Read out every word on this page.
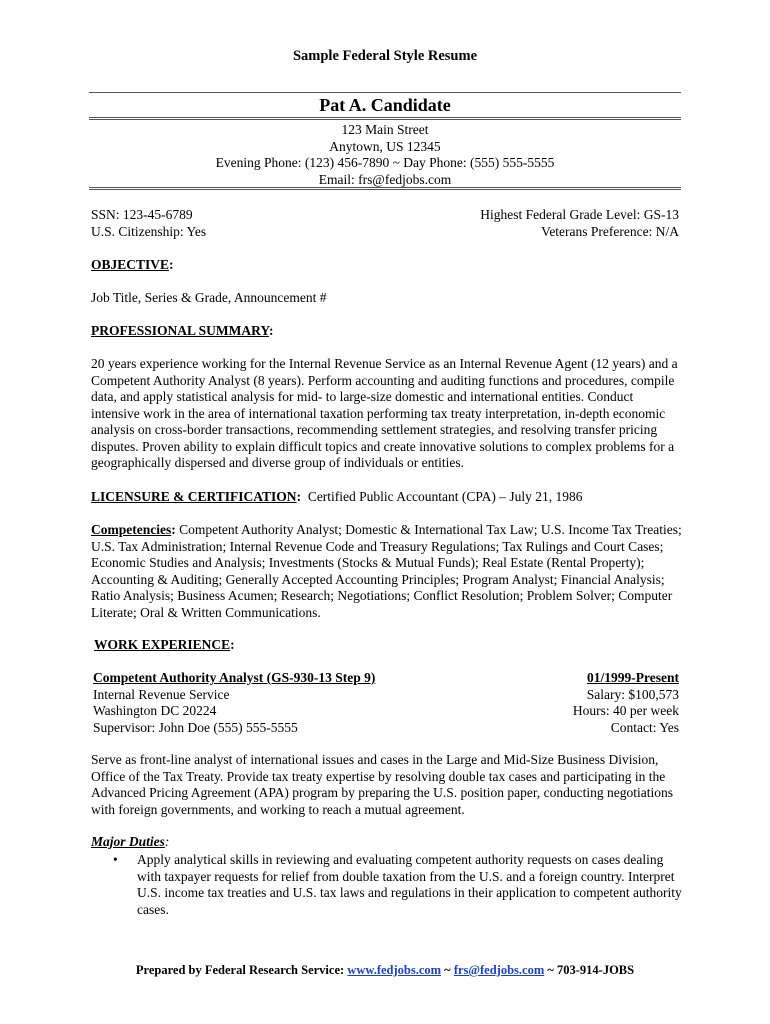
Sample Federal Style Resume
Pat A. Candidate
123 Main Street
Anytown, US 12345
Evening Phone: (123) 456-7890 ~ Day Phone: (555) 555-5555
Email: frs@fedjobs.com
SSN: 123-45-6789
U.S. Citizenship: Yes
Highest Federal Grade Level: GS-13
Veterans Preference: N/A
OBJECTIVE:
Job Title, Series & Grade, Announcement #
PROFESSIONAL SUMMARY:
20 years experience working for the Internal Revenue Service as an Internal Revenue Agent (12 years) and a Competent Authority Analyst (8 years). Perform accounting and auditing functions and procedures, compile data, and apply statistical analysis for mid- to large-size domestic and international entities. Conduct intensive work in the area of international taxation performing tax treaty interpretation, in-depth economic analysis on cross-border transactions, recommending settlement strategies, and resolving transfer pricing disputes. Proven ability to explain difficult topics and create innovative solutions to complex problems for a geographically dispersed and diverse group of individuals or entities.
LICENSURE & CERTIFICATION: Certified Public Accountant (CPA) – July 21, 1986
Competencies: Competent Authority Analyst; Domestic & International Tax Law; U.S. Income Tax Treaties; U.S. Tax Administration; Internal Revenue Code and Treasury Regulations; Tax Rulings and Court Cases; Economic Studies and Analysis; Investments (Stocks & Mutual Funds); Real Estate (Rental Property); Accounting & Auditing; Generally Accepted Accounting Principles; Program Analyst; Financial Analysis; Ratio Analysis; Business Acumen; Research; Negotiations; Conflict Resolution; Problem Solver; Computer Literate; Oral & Written Communications.
WORK EXPERIENCE:
Competent Authority Analyst (GS-930-13 Step 9)
Internal Revenue Service
Washington DC 20224
Supervisor: John Doe (555) 555-5555
01/1999-Present
Salary: $100,573
Hours: 40 per week
Contact: Yes
Serve as front-line analyst of international issues and cases in the Large and Mid-Size Business Division, Office of the Tax Treaty. Provide tax treaty expertise by resolving double tax cases and participating in the Advanced Pricing Agreement (APA) program by preparing the U.S. position paper, conducting negotiations with foreign governments, and working to reach a mutual agreement.
Major Duties:
• Apply analytical skills in reviewing and evaluating competent authority requests on cases dealing with taxpayer requests for relief from double taxation from the U.S. and a foreign country. Interpret U.S. income tax treaties and U.S. tax laws and regulations in their application to competent authority cases.
Prepared by Federal Research Service: www.fedjobs.com ~ frs@fedjobs.com ~ 703-914-JOBS
